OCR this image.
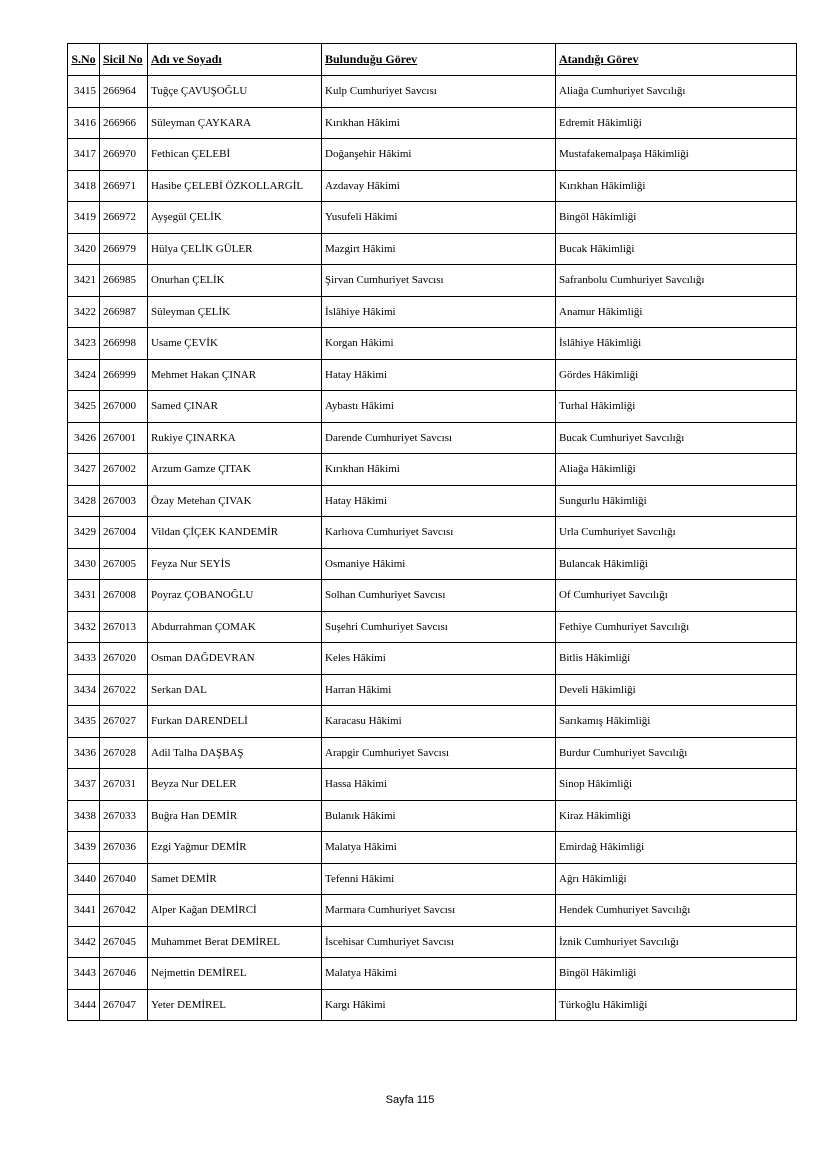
S.No	Sicil No	Adı ve Soyadı	Bulunduğu Görev	Atandığı Görev
3415	266964	Tuğçe ÇAVUŞOĞLU	Kulp Cumhuriyet Savcısı	Aliağa Cumhuriyet Savcılığı
3416	266966	Süleyman ÇAYKARA	Kırıkhan Hâkimi	Edremit Hâkimliği
3417	266970	Fethican ÇELEBİ	Doğanşehir Hâkimi	Mustafakemalpaşa Hâkimliği
3418	266971	Hasibe ÇELEBİ ÖZKOLLARGİL	Azdavay Hâkimi	Kırıkhan Hâkimliği
3419	266972	Ayşegül ÇELİK	Yusufeli Hâkimi	Bingöl Hâkimliği
3420	266979	Hülya ÇELİK GÜLER	Mazgirt Hâkimi	Bucak Hâkimliği
3421	266985	Onurhan ÇELİK	Şirvan Cumhuriyet Savcısı	Safranbolu Cumhuriyet Savcılığı
3422	266987	Süleyman ÇELİK	İslâhiye Hâkimi	Anamur Hâkimliği
3423	266998	Usame ÇEVİK	Korgan Hâkimi	İslâhiye Hâkimliği
3424	266999	Mehmet Hakan ÇINAR	Hatay Hâkimi	Gördes Hâkimliği
3425	267000	Samed ÇINAR	Aybastı Hâkimi	Turhal Hâkimliği
3426	267001	Rukiye ÇINARKA	Darende Cumhuriyet Savcısı	Bucak Cumhuriyet Savcılığı
3427	267002	Arzum Gamze ÇITAK	Kırıkhan Hâkimi	Aliağa Hâkimliği
3428	267003	Özay Metehan ÇIVAK	Hatay Hâkimi	Sungurlu Hâkimliği
3429	267004	Vildan ÇİÇEK KANDEMİR	Karlıova Cumhuriyet Savcısı	Urla Cumhuriyet Savcılığı
3430	267005	Feyza Nur SEYİS	Osmaniye Hâkimi	Bulancak Hâkimliği
3431	267008	Poyraz ÇOBANOĞLU	Solhan Cumhuriyet Savcısı	Of Cumhuriyet Savcılığı
3432	267013	Abdurrahman ÇOMAK	Suşehri Cumhuriyet Savcısı	Fethiye Cumhuriyet Savcılığı
3433	267020	Osman DAĞDEVRAN	Keles Hâkimi	Bitlis Hâkimliği
3434	267022	Serkan DAL	Harran Hâkimi	Develi Hâkimliği
3435	267027	Furkan DARENDELİ	Karacasu Hâkimi	Sarıkamış Hâkimliği
3436	267028	Adil Talha DAŞBAŞ	Arapgir Cumhuriyet Savcısı	Burdur Cumhuriyet Savcılığı
3437	267031	Beyza Nur DELER	Hassa Hâkimi	Sinop Hâkimliği
3438	267033	Buğra Han DEMİR	Bulanık Hâkimi	Kiraz Hâkimliği
3439	267036	Ezgi Yağmur DEMİR	Malatya Hâkimi	Emirdağ Hâkimliği
3440	267040	Samet DEMİR	Tefenni Hâkimi	Ağrı Hâkimliği
3441	267042	Alper Kağan DEMİRCİ	Marmara Cumhuriyet Savcısı	Hendek Cumhuriyet Savcılığı
3442	267045	Muhammet Berat DEMİREL	İscehisar Cumhuriyet Savcısı	İznik Cumhuriyet Savcılığı
3443	267046	Nejmettin DEMİREL	Malatya Hâkimi	Bingöl Hâkimliği
3444	267047	Yeter DEMİREL	Kargı Hâkimi	Türkoğlu Hâkimliği
Sayfa 115
